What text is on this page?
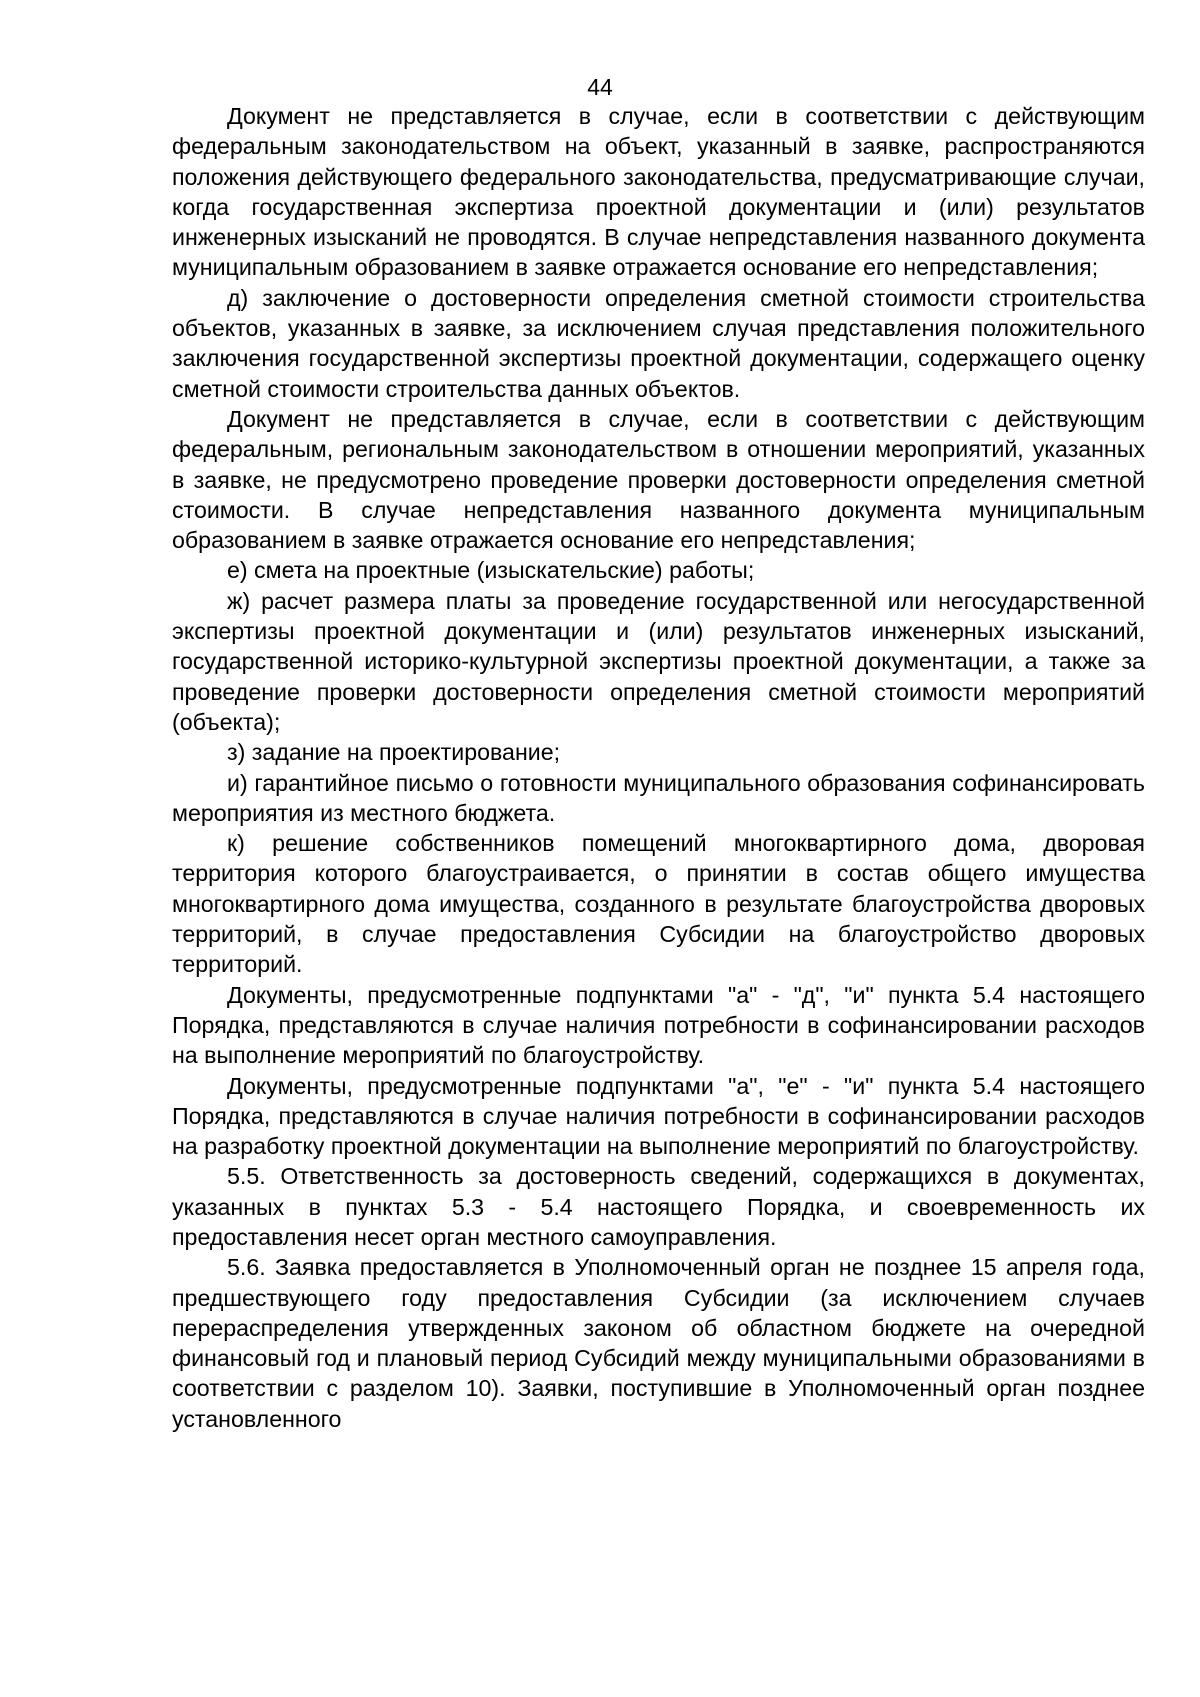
44

Документ не представляется в случае, если в соответствии с действующим федеральным законодательством на объект, указанный в заявке, распространяются положения действующего федерального законодательства, предусматривающие случаи, когда государственная экспертиза проектной документации и (или) результатов инженерных изысканий не проводятся. В случае непредставления названного документа муниципальным образованием в заявке отражается основание его непредставления;

д) заключение о достоверности определения сметной стоимости строительства объектов, указанных в заявке, за исключением случая представления положительного заключения государственной экспертизы проектной документации, содержащего оценку сметной стоимости строительства данных объектов.

Документ не представляется в случае, если в соответствии с действующим федеральным, региональным законодательством в отношении мероприятий, указанных в заявке, не предусмотрено проведение проверки достоверности определения сметной стоимости. В случае непредставления названного документа муниципальным образованием в заявке отражается основание его непредставления;

е) смета на проектные (изыскательские) работы;

ж) расчет размера платы за проведение государственной или негосударственной экспертизы проектной документации и (или) результатов инженерных изысканий, государственной историко-культурной экспертизы проектной документации, а также за проведение проверки достоверности определения сметной стоимости мероприятий (объекта);

з) задание на проектирование;

и) гарантийное письмо о готовности муниципального образования софинансировать мероприятия из местного бюджета.

к) решение собственников помещений многоквартирного дома, дворовая территория которого благоустраивается, о принятии в состав общего имущества многоквартирного дома имущества, созданного в результате благоустройства дворовых территорий, в случае предоставления Субсидии на благоустройство дворовых территорий.

Документы, предусмотренные подпунктами "а" - "д", "и" пункта 5.4 настоящего Порядка, представляются в случае наличия потребности в софинансировании расходов на выполнение мероприятий по благоустройству.

Документы, предусмотренные подпунктами "а", "е" - "и" пункта 5.4 настоящего Порядка, представляются в случае наличия потребности в софинансировании расходов на разработку проектной документации на выполнение мероприятий по благоустройству.

5.5. Ответственность за достоверность сведений, содержащихся в документах, указанных в пунктах 5.3 - 5.4 настоящего Порядка, и своевременность их предоставления несет орган местного самоуправления.

5.6. Заявка предоставляется в Уполномоченный орган не позднее 15 апреля года, предшествующего году предоставления Субсидии (за исключением случаев перераспределения утвержденных законом об областном бюджете на очередной финансовый год и плановый период Субсидий между муниципальными образованиями в соответствии с разделом 10). Заявки, поступившие в Уполномоченный орган позднее установленного
